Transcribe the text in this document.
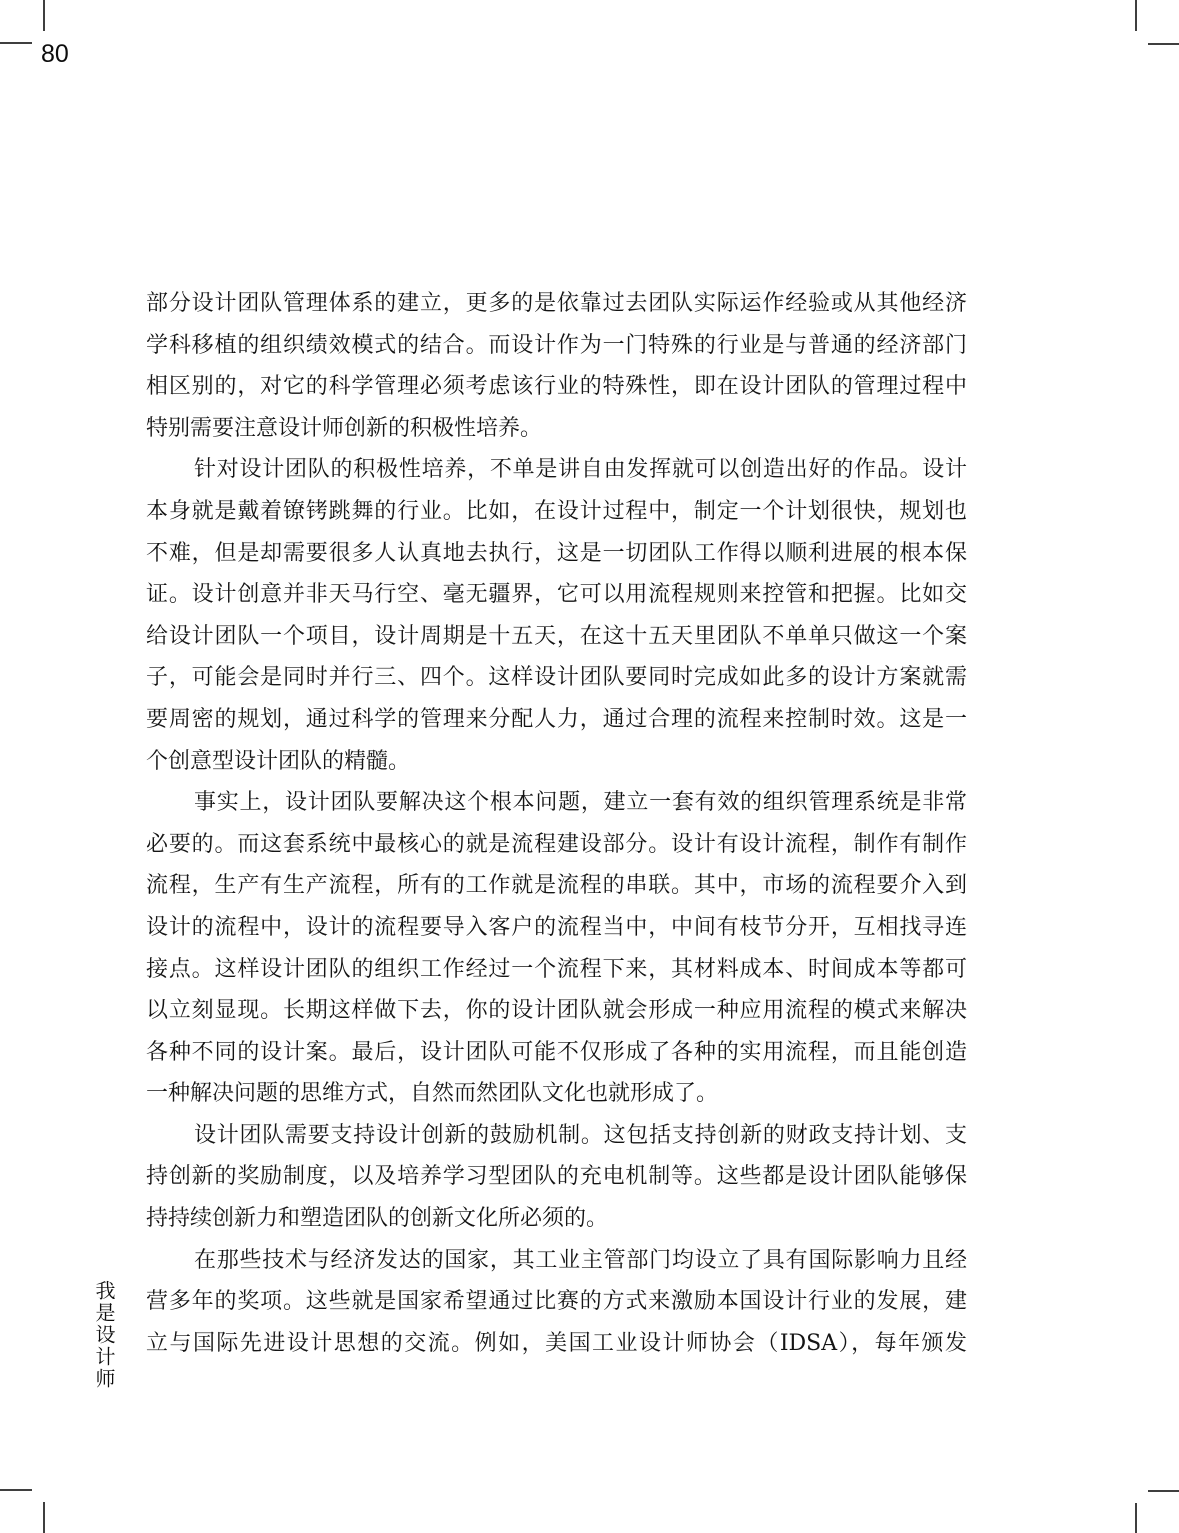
80
我是设计师
部分设计团队管理体系的建立，更多的是依靠过去团队实际运作经验或从其他经济
学科移植的组织绩效模式的结合。而设计作为一门特殊的行业是与普通的经济部门
相区别的，对它的科学管理必须考虑该行业的特殊性，即在设计团队的管理过程中
特别需要注意设计师创新的积极性培养。
针对设计团队的积极性培养，不单是讲自由发挥就可以创造出好的作品。设计
本身就是戴着镣铐跳舞的行业。比如，在设计过程中，制定一个计划很快，规划也
不难，但是却需要很多人认真地去执行，这是一切团队工作得以顺利进展的根本保
证。设计创意并非天马行空、毫无疆界，它可以用流程规则来控管和把握。比如交
给设计团队一个项目，设计周期是十五天，在这十五天里团队不单单只做这一个案
子，可能会是同时并行三、四个。这样设计团队要同时完成如此多的设计方案就需
要周密的规划，通过科学的管理来分配人力，通过合理的流程来控制时效。这是一
个创意型设计团队的精髓。
事实上，设计团队要解决这个根本问题，建立一套有效的组织管理系统是非常
必要的。而这套系统中最核心的就是流程建设部分。设计有设计流程，制作有制作
流程，生产有生产流程，所有的工作就是流程的串联。其中，市场的流程要介入到
设计的流程中，设计的流程要导入客户的流程当中，中间有枝节分开，互相找寻连
接点。这样设计团队的组织工作经过一个流程下来，其材料成本、时间成本等都可
以立刻显现。长期这样做下去，你的设计团队就会形成一种应用流程的模式来解决
各种不同的设计案。最后，设计团队可能不仅形成了各种的实用流程，而且能创造
一种解决问题的思维方式，自然而然团队文化也就形成了。
设计团队需要支持设计创新的鼓励机制。这包括支持创新的财政支持计划、支
持创新的奖励制度，以及培养学习型团队的充电机制等。这些都是设计团队能够保
持持续创新力和塑造团队的创新文化所必须的。
在那些技术与经济发达的国家，其工业主管部门均设立了具有国际影响力且经
营多年的奖项。这些就是国家希望通过比赛的方式来激励本国设计行业的发展，建
立与国际先进设计思想的交流。例如，美国工业设计师协会（IDSA），每年颁发
